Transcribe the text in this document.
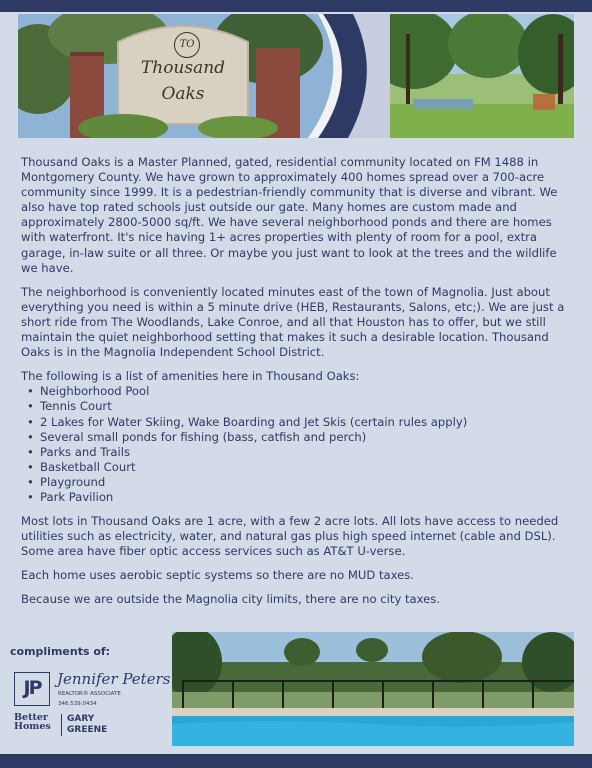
TO
Thousand
Oaks

Thousand Oaks is a Master Planned, gated, residential community located on FM 1488 in Montgomery County. We have grown to approximately 400 homes spread over a 700-acre community since 1999. It is a pedestrian-friendly community that is diverse and vibrant. We also have top rated schools just outside our gate. Many homes are custom made and approximately 2800-5000 sq/ft. We have several neighborhood ponds and there are homes with waterfront. It's nice having 1+ acres properties with plenty of room for a pool, extra garage, in-law suite or all three. Or maybe you just want to look at the trees and the wildlife we have.

The neighborhood is conveniently located minutes east of the town of Magnolia. Just about everything you need is within a 5 minute drive (HEB, Restaurants, Salons, etc;). We are just a short ride from The Woodlands, Lake Conroe, and all that Houston has to offer, but we still maintain the quiet neighborhood setting that makes it such a desirable location. Thousand Oaks is in the Magnolia Independent School District.

The following is a list of amenities here in Thousand Oaks:

• Neighborhood Pool
• Tennis Court
• 2 Lakes for Water Skiing, Wake Boarding and Jet Skis (certain rules apply)
• Several small ponds for fishing (bass, catfish and perch)
• Parks and Trails
• Basketball Court
• Playground
• Park Pavilion

Most lots in Thousand Oaks are 1 acre, with a few 2 acre lots. All lots have access to needed utilities such as electricity, water, and natural gas plus high speed internet (cable and DSL). Some area have fiber optic access services such as AT&T U-verse.

Each home uses aerobic septic systems so there are no MUD taxes.

Because we are outside the Magnolia city limits, there are no city taxes.

compliments of:
JP	Jennifer Peters
REALTOR® ASSOCIATE
346.539.0434
Better
Homes
GARY
GREENE
